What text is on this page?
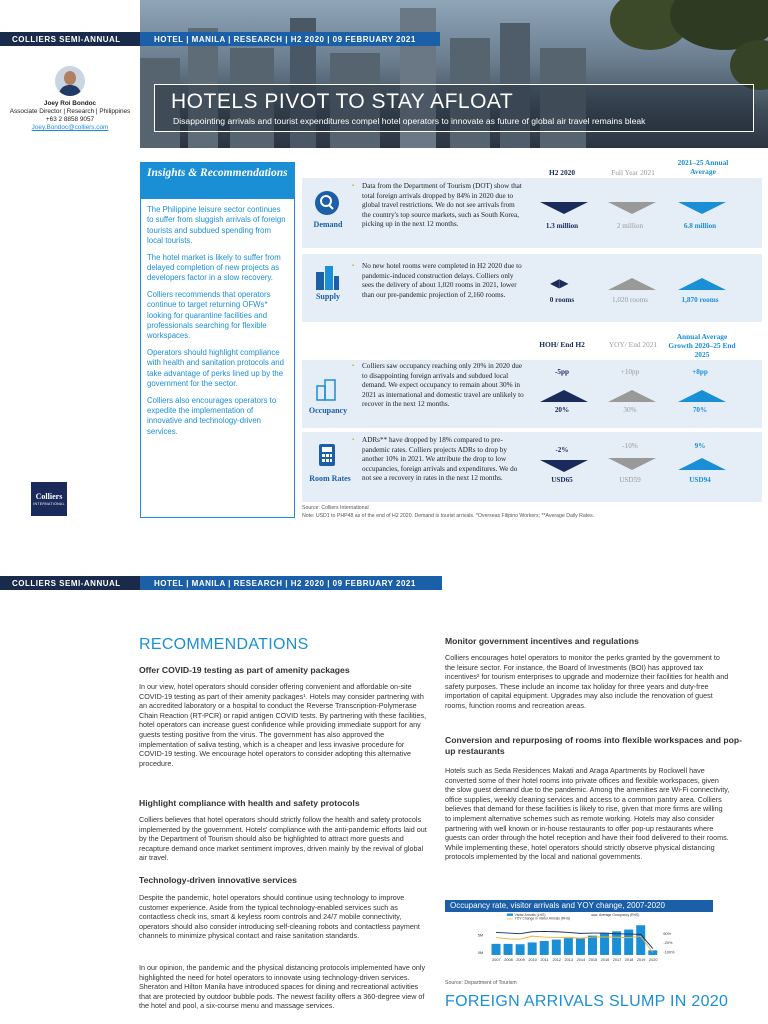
COLLIERS SEMI-ANNUAL	HOTEL | MANILA | RESEARCH | H2 2020 | 09 FEBRUARY 2021
HOTELS PIVOT TO STAY AFLOAT
Disappointing arrivals and tourist expenditures compel hotel operators to innovate as future of global air travel remains bleak
Joey Roi Bondoc
Associate Director | Research | Philippines
+63 2 8858 9057
Joey.Bondoc@colliers.com
Insights & Recommendations

The Philippine leisure sector continues to suffer from sluggish arrivals of foreign tourists and subdued spending from local tourists.

The hotel market is likely to suffer from delayed completion of new projects as developers factor in a slow recovery.

Colliers recommends that operators continue to target returning OFWs* looking for quarantine facilities and professionals searching for flexible workspaces.

Operators should highlight compliance with health and sanitation protocols and take advantage of perks lined up by the government for the sector.

Colliers also encourages operators to expedite the implementation of innovative and technology-driven services.

Colliers
INTERNATIONAL
H2 2020	Full Year 2021
2021–25 Annual Average
Demand
▪ Data from the Department of Tourism (DOT) show that total foreign arrivals dropped by 84% in 2020 due to global travel restrictions. We do not see arrivals from the country's top source markets, such as South Korea, picking up in the next 12 months.	1.3 million	2 million	6.8 million
Supply
▪ No new hotel rooms were completed in H2 2020 due to pandemic-induced construction delays. Colliers only sees the delivery of about 1,020 rooms in 2021, lower than our pre-pandemic projection of 2,160 rooms.
◀▶
0 rooms	1,020 rooms	1,870 rooms
HOH/ End H2	YOY/ End 2021
Annual Average Growth 2020–25 End 2025
Occupancy
▪ Colliers saw occupancy reaching only 20% in 2020 due to disappointing foreign arrivals and subdued local demand. We expect occupancy to remain about 30% in 2021 as international and domestic travel are unlikely to recover in the next 12 months.
-5pp	+10pp	+8pp
20%	30%	70%
Room Rates
▪ ADRs** have dropped by 18% compared to pre-pandemic rates. Colliers projects ADRs to drop by another 10% in 2021. We attribute the drop to low occupancies, foreign arrivals and expenditures. We do not see a recovery in rates in the next 12 months.
-2%	-10%	9%
USD65	USD59	USD94
Source: Colliers International
Note: USD1 to PHP48 as of the end of H2 2020. Demand is tourist arrivals. *Overseas Filipino Workers; **Average Daily Rates.
COLLIERS SEMI-ANNUAL	HOTEL | MANILA | RESEARCH | H2 2020 | 09 FEBRUARY 2021
RECOMMENDATIONS
Offer COVID-19 testing as part of amenity packages
In our view, hotel operators should consider offering convenient and affordable on-site COVID-19 testing as part of their amenity packages¹. Hotels may consider partnering with an accredited laboratory or a hospital to conduct the Reverse Transcription-Polymerase Chain Reaction (RT-PCR) or rapid antigen COVID tests. By partnering with these facilities, hotel operators can increase guest confidence while providing immediate support for any guests testing positive from the virus. The government has also approved the implementation of saliva testing, which is a cheaper and less invasive procedure for COVID-19 testing. We encourage hotel operators to consider adopting this alternative procedure.
Highlight compliance with health and safety protocols
Colliers believes that hotel operators should strictly follow the health and safety protocols implemented by the government. Hotels' compliance with the anti-pandemic efforts laid out by the Department of Tourism should also be highlighted to attract more guests and recapture demand once market sentiment improves, driven mainly by the revival of global air travel.
Technology-driven innovative services
Despite the pandemic, hotel operators should continue using technology to improve customer experience. Aside from the typical technology-enabled services such as contactless check ins, smart & keyless room controls and 24/7 mobile connectivity, operators should also consider introducing self-cleaning robots and contactless payment channels to minimize physical contact and raise sanitation standards.
In our opinion, the pandemic and the physical distancing protocols implemented have only highlighted the need for hotel operators to innovate using technology-driven services. Sheraton and Hilton Manila have introduced spaces for dining and recreational activities that are protected by outdoor bubble pods. The newest facility offers a 360-degree view of the hotel and pool, a six-course menu and massage services.
Monitor government incentives and regulations
Colliers encourages hotel operators to monitor the perks granted by the government to the leisure sector. For instance, the Board of Investments (BOI) has approved tax incentives² for tourism enterprises to upgrade and modernize their facilities for health and safety purposes. These include an income tax holiday for three years and duty-free importation of capital equipment. Upgrades may also include the renovation of guest rooms, function rooms and recreation areas.
Conversion and repurposing of rooms into flexible workspaces and pop-up restaurants
Hotels such as Seda Residences Makati and Araga Apartments by Rockwell have converted some of their hotel rooms into private offices and flexible workspaces, given the slow guest demand due to the pandemic. Among the amenities are Wi-Fi connectivity, office supplies, weekly cleaning services and access to a common pantry area. Colliers believes that demand for these facilities is likely to rise, given that more firms are willing to implement alternative schemes such as remote working. Hotels may also consider partnering with well known or in-house restaurants to offer pop-up restaurants where guests can order through the hotel reception and have their food delivered to their rooms. While implementing these, hotel operators should strictly observe physical distancing protocols implemented by the local and national governments.
Occupancy rate, visitor arrivals and YOY change, 2007-2020
Visitor Arrivals (LHS)	Average Occupancy (RHS)
YOY Change in Visitor Arrivals (RHS)
5M
0M
60%
-20%
-100%
2007 2008 2009 2010 2011 2012 2013 2014 2015 2016 2017 2018 2019 2020
Source: Department of Tourism
FOREIGN ARRIVALS SLUMP IN 2020
